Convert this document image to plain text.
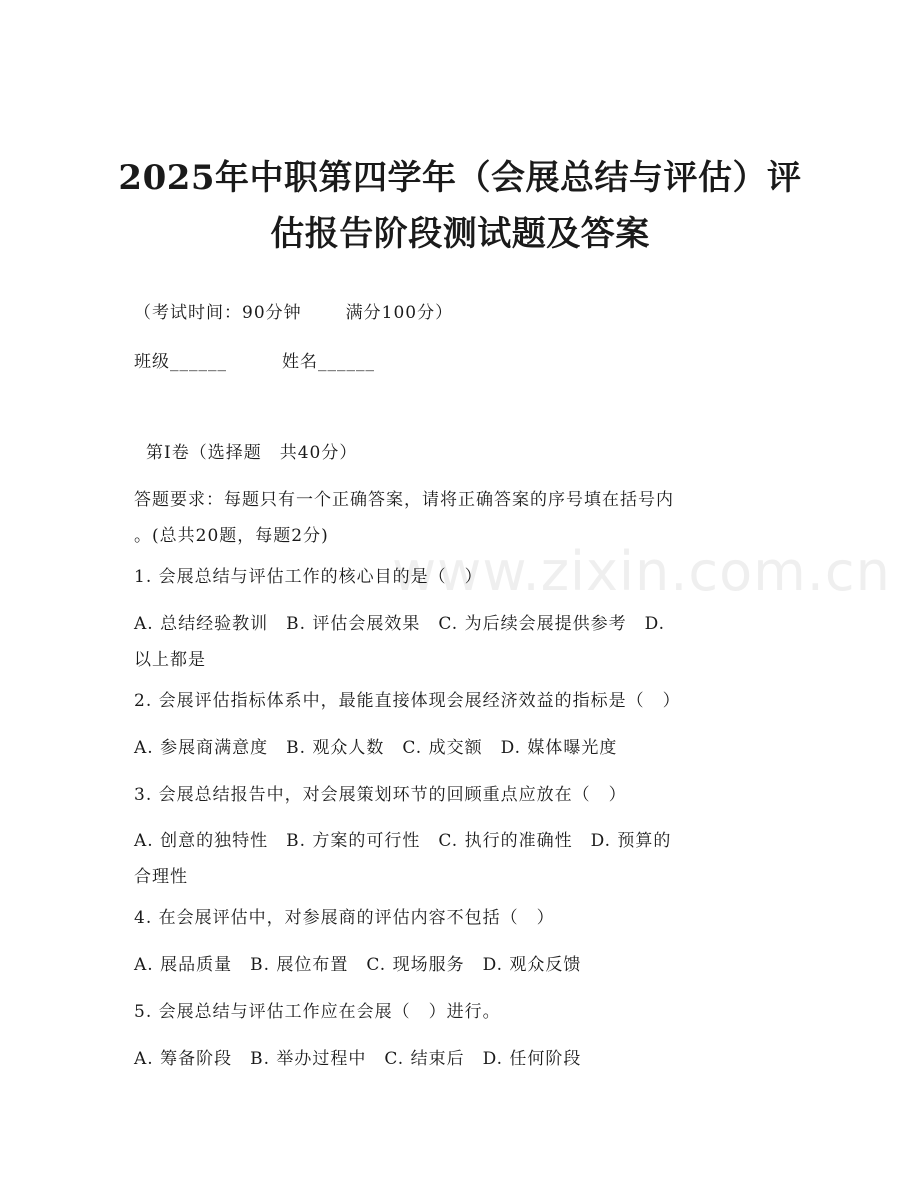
www.zixin.com.cn
2025年中职第四学年（会展总结与评估）评
估报告阶段测试题及答案
（考试时间：90分钟	满分100分）
班级______	姓名______
第I卷（选择题　共40分）
答题要求：每题只有一个正确答案，请将正确答案的序号填在括号内
。(总共20题，每题2分)
1. 会展总结与评估工作的核心目的是（　）
A. 总结经验教训　B. 评估会展效果　C. 为后续会展提供参考　D.
以上都是
2. 会展评估指标体系中，最能直接体现会展经济效益的指标是（　）
A. 参展商满意度　B. 观众人数　C. 成交额　D. 媒体曝光度
3. 会展总结报告中，对会展策划环节的回顾重点应放在（　）
A. 创意的独特性　B. 方案的可行性　C. 执行的准确性　D. 预算的
合理性
4. 在会展评估中，对参展商的评估内容不包括（　）
A. 展品质量　B. 展位布置　C. 现场服务　D. 观众反馈
5. 会展总结与评估工作应在会展（　）进行。
A. 筹备阶段　B. 举办过程中　C. 结束后　D. 任何阶段
